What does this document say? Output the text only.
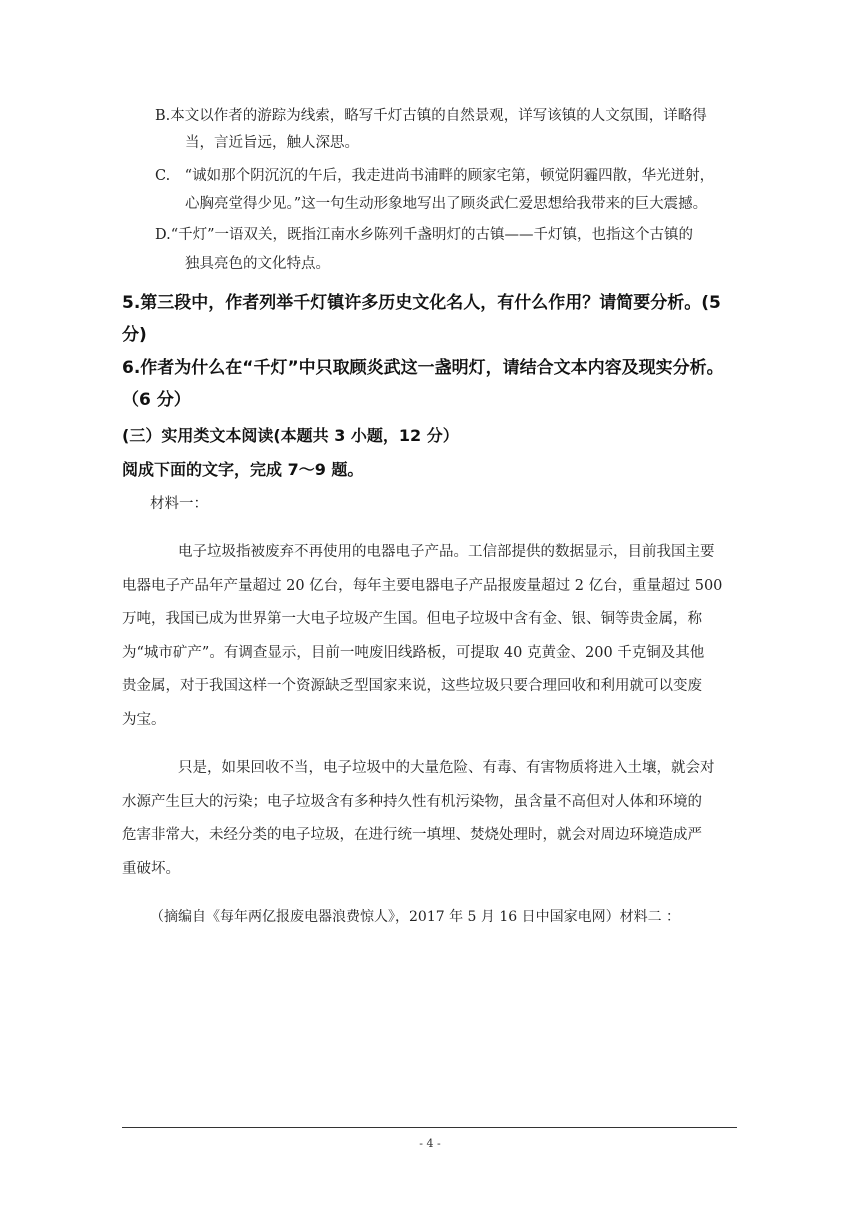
B.本文以作者的游踪为线索，略写千灯古镇的自然景观，详写该镇的人文氛围，详略得
当，言近旨远，触人深思。
C.　“诚如那个阴沉沉的午后，我走进尚书浦畔的顾家宅第，顿觉阴霾四散，华光迸射，
心胸亮堂得少见。”这一句生动形象地写出了顾炎武仁爱思想给我带来的巨大震撼。
D.“千灯”一语双关，既指江南水乡陈列千盏明灯的古镇——千灯镇，也指这个古镇的
独具亮色的文化特点。
5.第三段中，作者列举千灯镇许多历史文化名人，有什么作用？请简要分析。(5
分)
6.作者为什么在“千灯”中只取顾炎武这一盏明灯，请结合文本内容及现实分析。
（6 分）
(三）实用类文本阅读(本题共 3 小题，12 分）
阅成下面的文字，完成 7～9 题。
材料一：
电子垃圾指被废弃不再使用的电器电子产品。工信部提供的数据显示，目前我国主要
电器电子产品年产量超过 20 亿台，每年主要电器电子产品报废量超过 2 亿台，重量超过 500
万吨，我国已成为世界第一大电子垃圾产生国。但电子垃圾中含有金、银、铜等贵金属，称
为“城市矿产”。有调查显示，目前一吨废旧线路板，可提取 40 克黄金、200 千克铜及其他
贵金属，对于我国这样一个资源缺乏型国家来说，这些垃圾只要合理回收和利用就可以变废
为宝。
只是，如果回收不当，电子垃圾中的大量危险、有毒、有害物质将进入土壤，就会对
水源产生巨大的污染；电子垃圾含有多种持久性有机污染物，虽含量不高但对人体和环境的
危害非常大，未经分类的电子垃圾，在进行统一填埋、焚烧处理时，就会对周边环境造成严
重破坏。
（摘编自《每年两亿报废电器浪费惊人》，2017 年 5 月 16 日中国家电网）材料二 ：
- 4 -
